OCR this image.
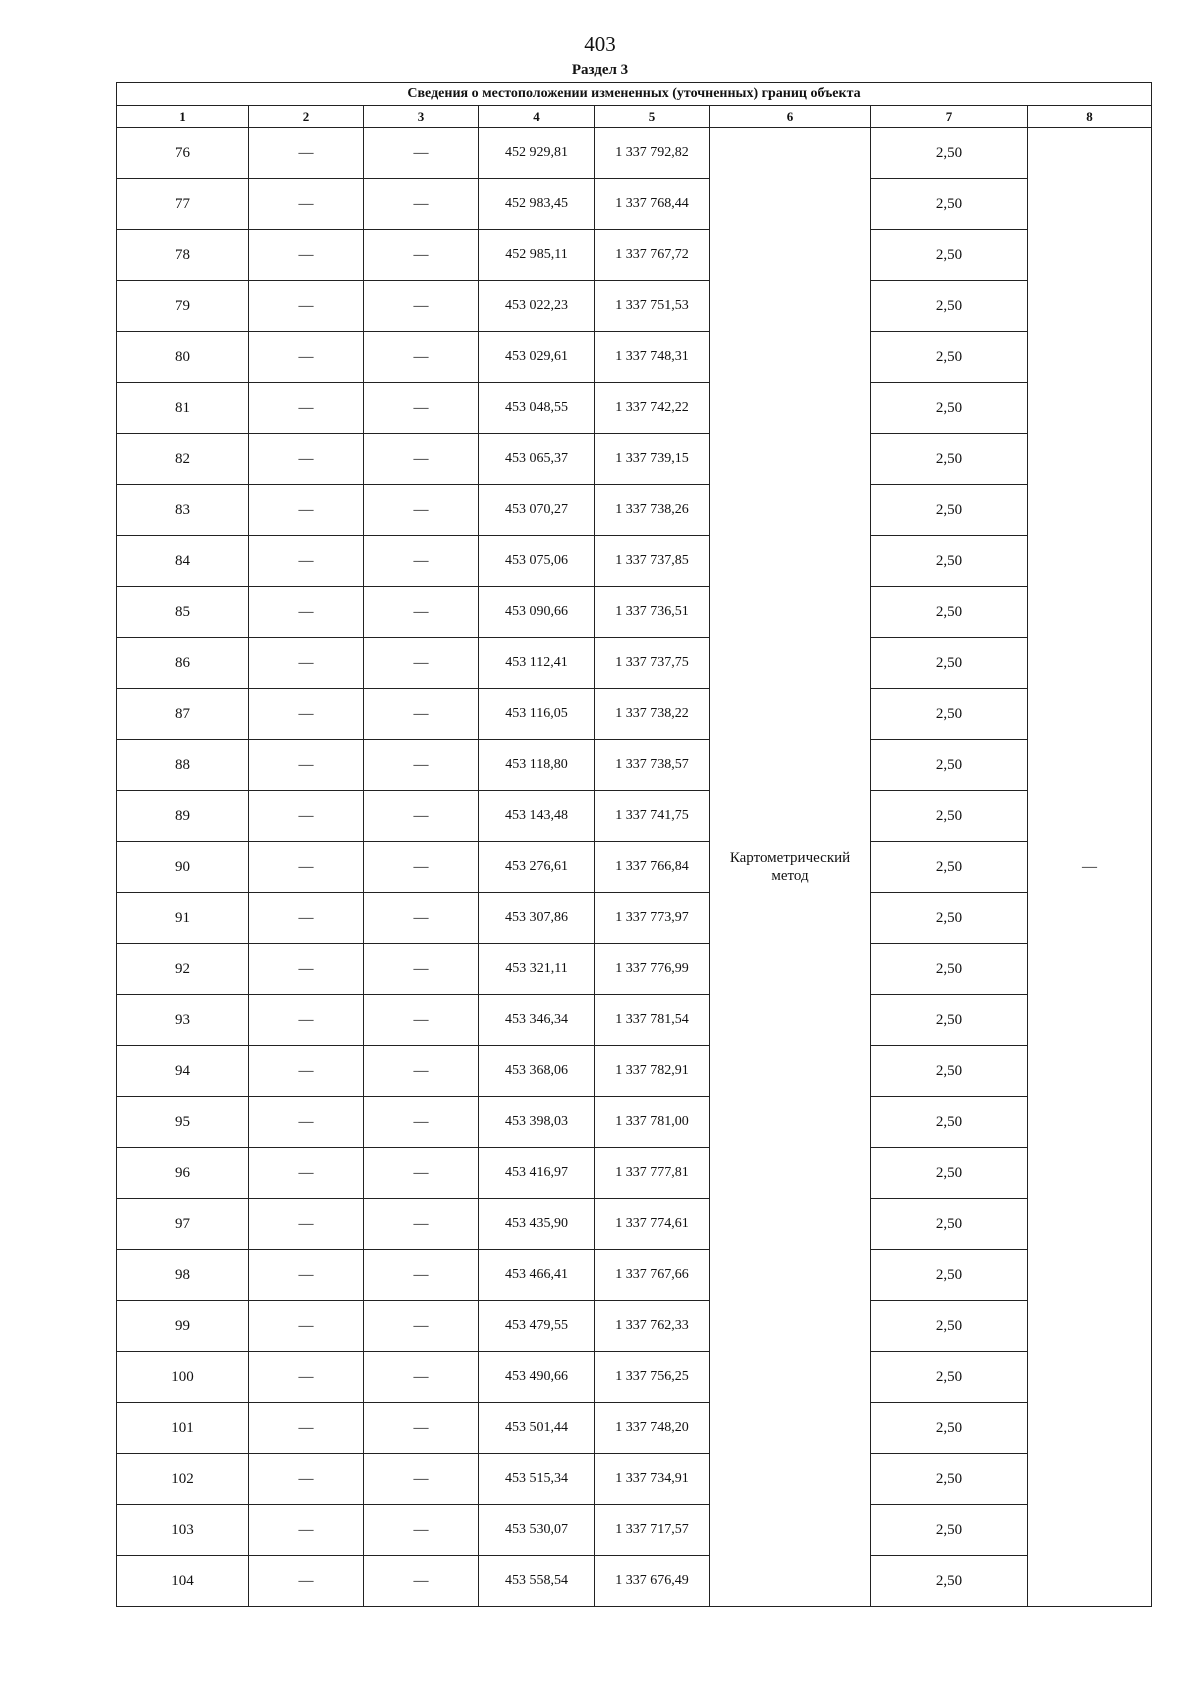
403
Раздел 3
Сведения о местоположении измененных (уточненных) границ объекта							
1	2	3	4	5	6	7	8
76	—	—	452 929,81	1 337 792,82	Картометрический метод	2,50	—
77	—	—	452 983,45	1 337 768,44		2,50	
78	—	—	452 985,11	1 337 767,72		2,50	
79	—	—	453 022,23	1 337 751,53		2,50	
80	—	—	453 029,61	1 337 748,31		2,50	
81	—	—	453 048,55	1 337 742,22		2,50	
82	—	—	453 065,37	1 337 739,15		2,50	
83	—	—	453 070,27	1 337 738,26		2,50	
84	—	—	453 075,06	1 337 737,85		2,50	
85	—	—	453 090,66	1 337 736,51		2,50	
86	—	—	453 112,41	1 337 737,75		2,50	
87	—	—	453 116,05	1 337 738,22		2,50	
88	—	—	453 118,80	1 337 738,57		2,50	
89	—	—	453 143,48	1 337 741,75		2,50	
90	—	—	453 276,61	1 337 766,84		2,50	
91	—	—	453 307,86	1 337 773,97		2,50	
92	—	—	453 321,11	1 337 776,99		2,50	
93	—	—	453 346,34	1 337 781,54		2,50	
94	—	—	453 368,06	1 337 782,91		2,50	
95	—	—	453 398,03	1 337 781,00		2,50	
96	—	—	453 416,97	1 337 777,81		2,50	
97	—	—	453 435,90	1 337 774,61		2,50	
98	—	—	453 466,41	1 337 767,66		2,50	
99	—	—	453 479,55	1 337 762,33		2,50	
100	—	—	453 490,66	1 337 756,25		2,50	
101	—	—	453 501,44	1 337 748,20		2,50	
102	—	—	453 515,34	1 337 734,91		2,50	
103	—	—	453 530,07	1 337 717,57		2,50	
104	—	—	453 558,54	1 337 676,49		2,50	
